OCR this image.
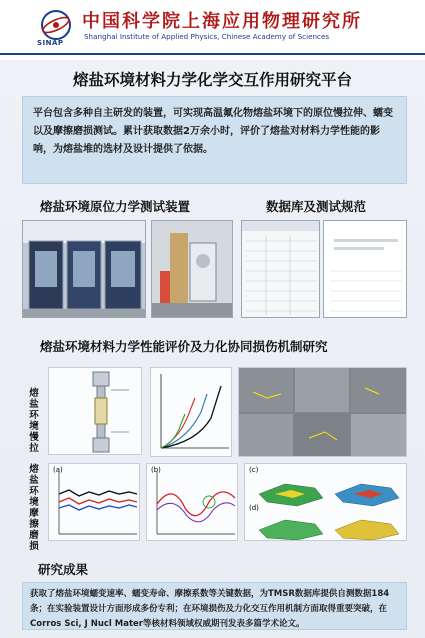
SINAP
中国科学院上海应用物理研究所
Shanghai Institute of Applied Physics, Chinese Academy of Sciences
熔盐环境材料力学化学交互作用研究平台
平台包含多种自主研发的装置，可实现高温氟化物熔盐环境下的原位慢拉伸、蠕变以及摩擦磨损测试。累计获取数据2万余小时，评价了熔盐对材料力学性能的影响，为熔盐堆的选材及设计提供了依据。
熔盐环境原位力学测试装置	数据库及测试规范
熔盐环境材料力学性能评价及力化协同损伤机制研究
熔盐环境慢拉
熔盐环境摩擦磨损
(a)	(b)	(c)
(d)
研究成果
获取了熔盐环境蠕变速率、蠕变寿命、摩擦系数等关键数据，为TMSR数据库提供自测数据184条；在实验装置设计方面形成多份专利；在环境损伤及力化交互作用机制方面取得重要突破，在Corros Sci, J Nucl Mater等核材料领域权威期刊发表多篇学术论文。
